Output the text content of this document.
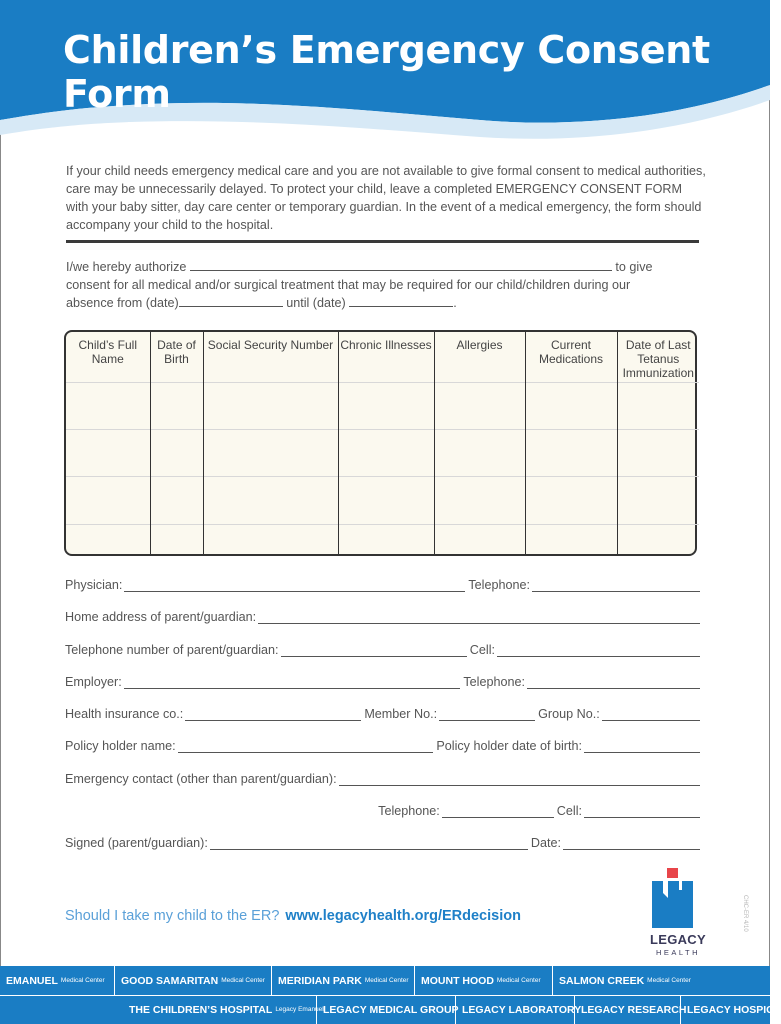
Children’s Emergency Consent Form
If your child needs emergency medical care and you are not available to give formal consent to medical authorities, care may be unnecessarily delayed. To protect your child, leave a completed EMERGENCY CONSENT FORM with your baby sitter, day care center or temporary guardian. In the event of a medical emergency, the form should accompany your child to the hospital.
I/we hereby authorize	to give
consent for all medical and/or surgical treatment that may be required for our child/children during our
absence from (date)	until (date)	.
Child’s Full Name	Date of Birth	Social Security Number	Chronic Illnesses	Allergies	Current Medications	Date of Last Tetanus Immunization

Physician:	Telephone:
Home address of parent/guardian:
Telephone number of parent/guardian:	Cell:
Employer:	Telephone:
Health insurance co.:	Member No.:	Group No.:
Policy holder name:	Policy holder date of birth:
Emergency contact (other than parent/guardian):
Telephone:	Cell:
Signed (parent/guardian):	Date:
Should I take my child to the ER? www.legacyhealth.org/ERdecision
LEGACY
HEALTH
CHC-ER 4/10
EMANUEL Medical Center GOOD SAMARITAN Medical Center MERIDIAN PARK Medical Center MOUNT HOOD Medical Center SALMON CREEK Medical Center
THE CHILDREN’S HOSPITAL Legacy Emanuel LEGACY MEDICAL GROUP LEGACY LABORATORY LEGACY RESEARCH LEGACY HOSPICE
